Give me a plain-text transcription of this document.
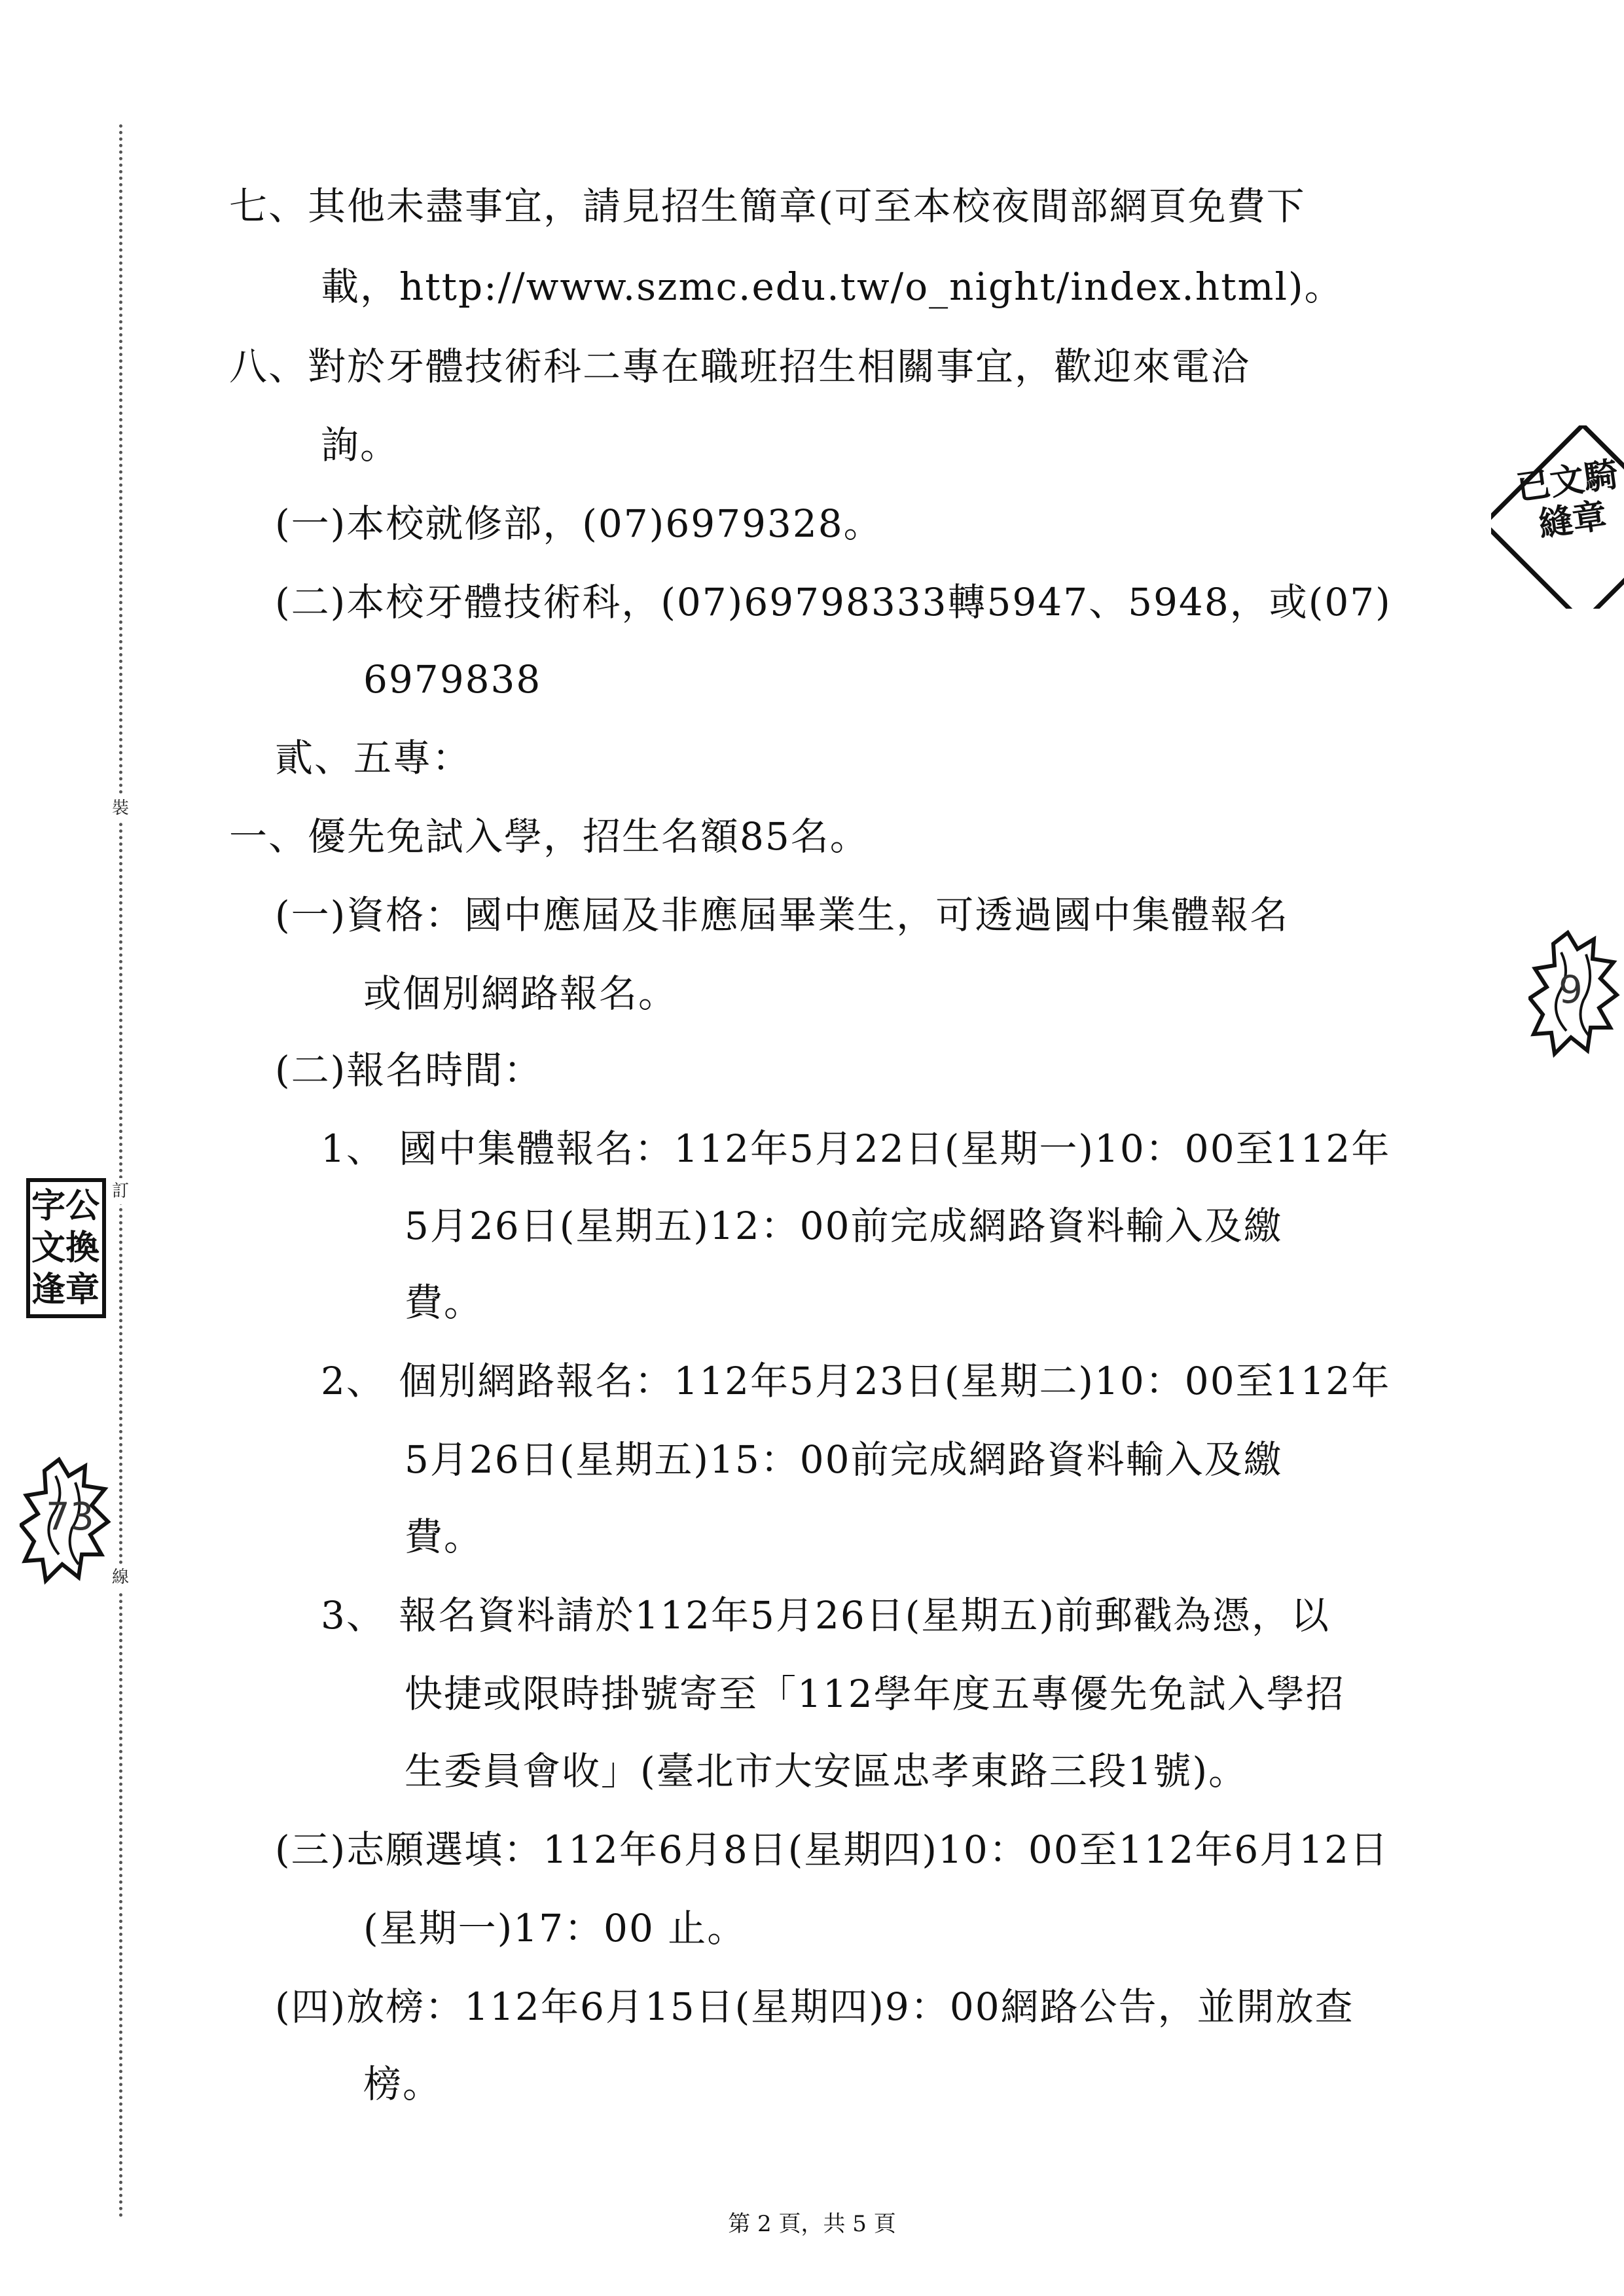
裝
訂
線
公
換
章
字
文
逢
73
9
已文騎縫章
七、其他未盡事宜，請見招生簡章(可至本校夜間部網頁免費下
載，http://www.szmc.edu.tw/o_night/index.html)。
八、對於牙體技術科二專在職班招生相關事宜，歡迎來電洽
詢。
(一)本校就修部，(07)6979328。
(二)本校牙體技術科，(07)69798333轉5947、5948，或(07)
6979838
貳、五專：
一、優先免試入學，招生名額85名。
(一)資格：國中應屆及非應屆畢業生，可透過國中集體報名
或個別網路報名。
(二)報名時間：
1、 國中集體報名：112年5月22日(星期一)10：00至112年
5月26日(星期五)12：00前完成網路資料輸入及繳
費。
2、 個別網路報名：112年5月23日(星期二)10：00至112年
5月26日(星期五)15：00前完成網路資料輸入及繳
費。
3、 報名資料請於112年5月26日(星期五)前郵戳為憑，以
快捷或限時掛號寄至「112學年度五專優先免試入學招
生委員會收」(臺北市大安區忠孝東路三段1號)。
(三)志願選填：112年6月8日(星期四)10：00至112年6月12日
(星期一)17：00 止。
(四)放榜：112年6月15日(星期四)9：00網路公告，並開放查
榜。
第 2 頁，共 5 頁
